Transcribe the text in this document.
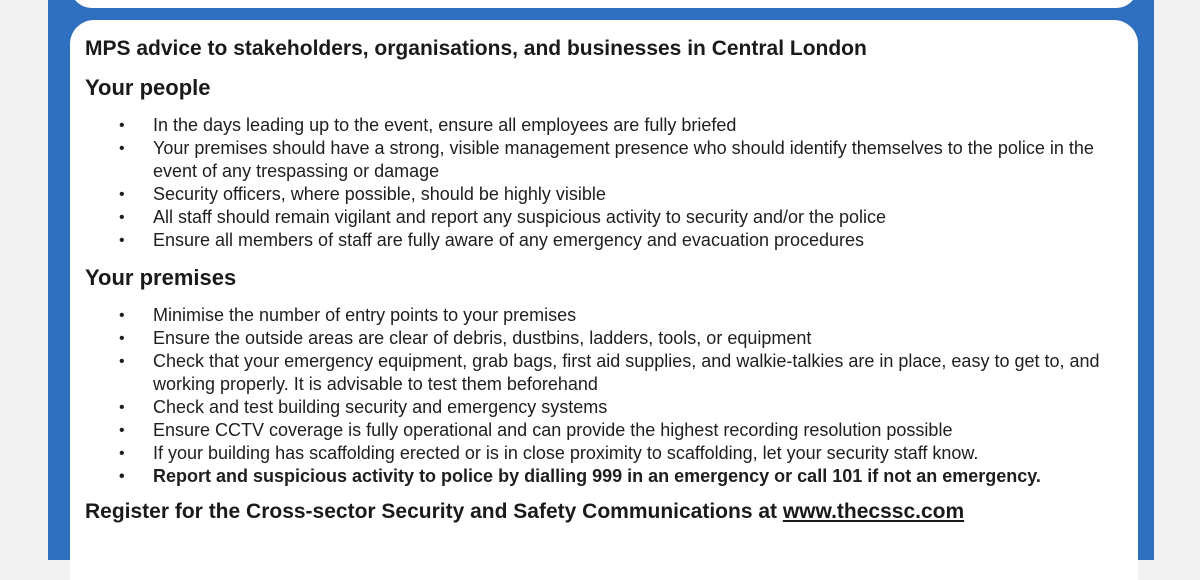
MPS advice to stakeholders, organisations, and businesses in Central London
Your people
• In the days leading up to the event, ensure all employees are fully briefed
• Your premises should have a strong, visible management presence who should identify themselves to the police in the event of any trespassing or damage
• Security officers, where possible, should be highly visible
• All staff should remain vigilant and report any suspicious activity to security and/or the police
• Ensure all members of staff are fully aware of any emergency and evacuation procedures
Your premises
• Minimise the number of entry points to your premises
• Ensure the outside areas are clear of debris, dustbins, ladders, tools, or equipment
• Check that your emergency equipment, grab bags, first aid supplies, and walkie-talkies are in place, easy to get to, and working properly. It is advisable to test them beforehand
• Check and test building security and emergency systems
• Ensure CCTV coverage is fully operational and can provide the highest recording resolution possible
• If your building has scaffolding erected or is in close proximity to scaffolding, let your security staff know.
• Report and suspicious activity to police by dialling 999 in an emergency or call 101 if not an emergency.
Register for the Cross-sector Security and Safety Communications at www.thecssc.com
